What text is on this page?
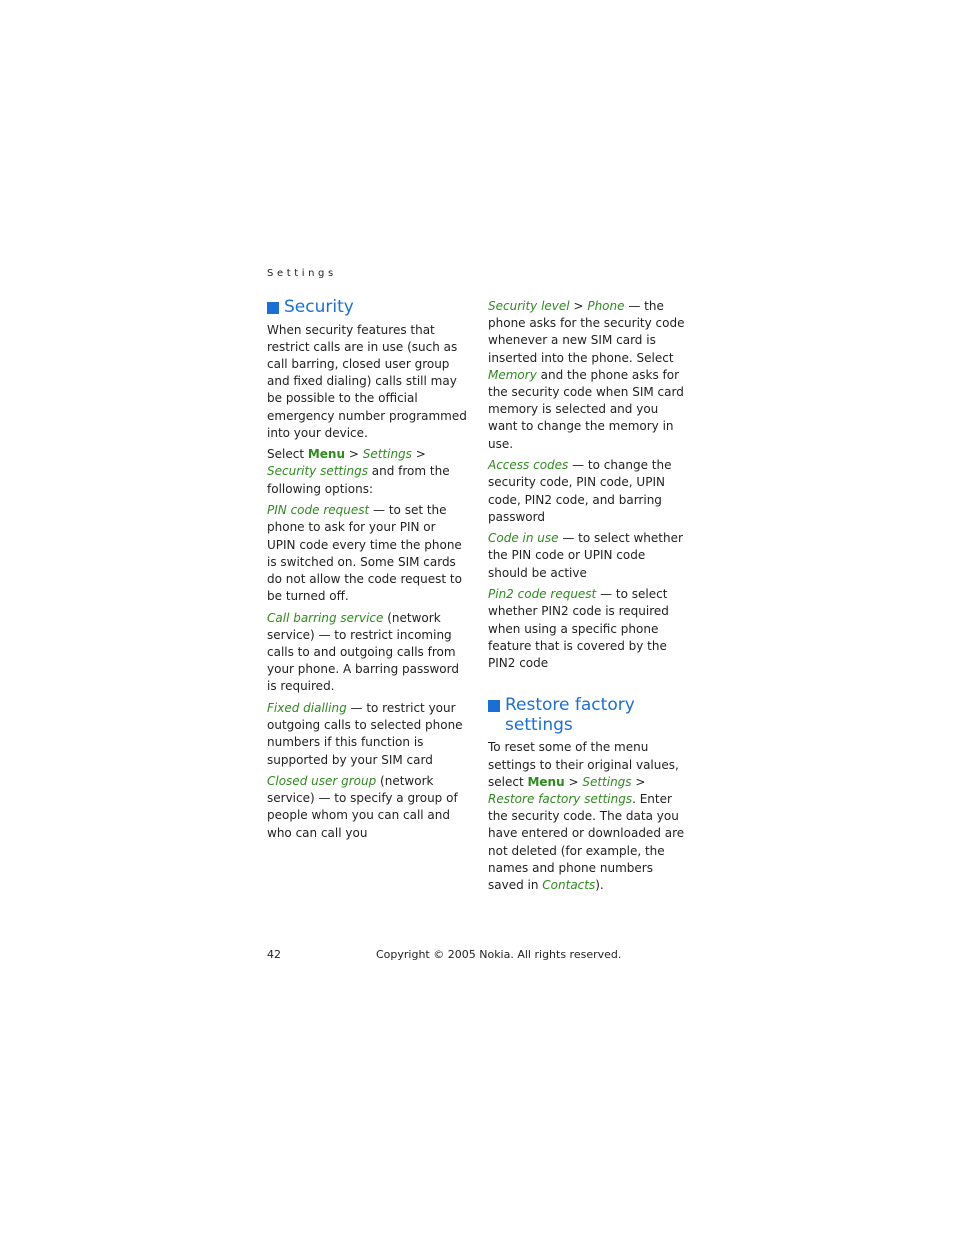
Settings
Security

When security features that restrict calls are in use (such as call barring, closed user group and fixed dialing) calls still may be possible to the official emergency number programmed into your device.

Select Menu > Settings > Security settings and from the following options:

PIN code request — to set the phone to ask for your PIN or UPIN code every time the phone is switched on. Some SIM cards do not allow the code request to be turned off.

Call barring service (network service) — to restrict incoming calls to and outgoing calls from your phone. A barring password is required.

Fixed dialling — to restrict your outgoing calls to selected phone numbers if this function is supported by your SIM card

Closed user group (network service) — to specify a group of people whom you can call and who can call you

Security level > Phone — the phone asks for the security code whenever a new SIM card is inserted into the phone. Select Memory and the phone asks for the security code when SIM card memory is selected and you want to change the memory in use.

Access codes — to change the security code, PIN code, UPIN code, PIN2 code, and barring password

Code in use — to select whether the PIN code or UPIN code should be active

Pin2 code request — to select whether PIN2 code is required when using a specific phone feature that is covered by the PIN2 code

Restore factory settings

To reset some of the menu settings to their original values, select Menu > Settings > Restore factory settings. Enter the security code. The data you have entered or downloaded are not deleted (for example, the names and phone numbers saved in Contacts).

42	Copyright © 2005 Nokia. All rights reserved.
